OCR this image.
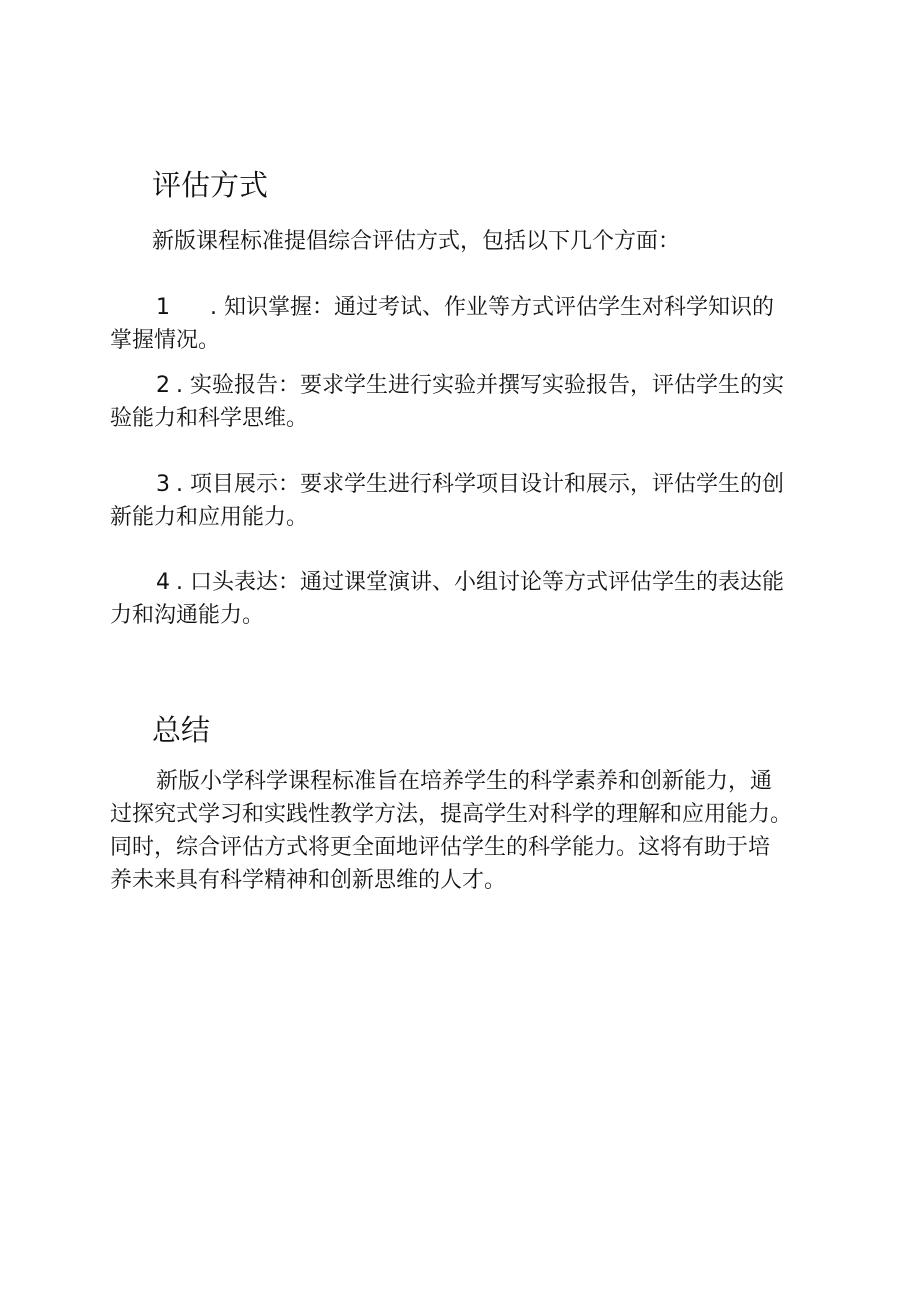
评估方式

新版课程标准提倡综合评估方式，包括以下几个方面：

1 . 知识掌握：通过考试、作业等方式评估学生对科学知识的
掌握情况。
2 . 实验报告：要求学生进行实验并撰写实验报告，评估学生的实
验能力和科学思维。
3 . 项目展示：要求学生进行科学项目设计和展示，评估学生的创
新能力和应用能力。
4 . 口头表达：通过课堂演讲、小组讨论等方式评估学生的表达能
力和沟通能力。
总结
新版小学科学课程标准旨在培养学生的科学素养和创新能力，通
过探究式学习和实践性教学方法，提高学生对科学的理解和应用能力。
同时，综合评估方式将更全面地评估学生的科学能力。这将有助于培
养未来具有科学精神和创新思维的人才。
